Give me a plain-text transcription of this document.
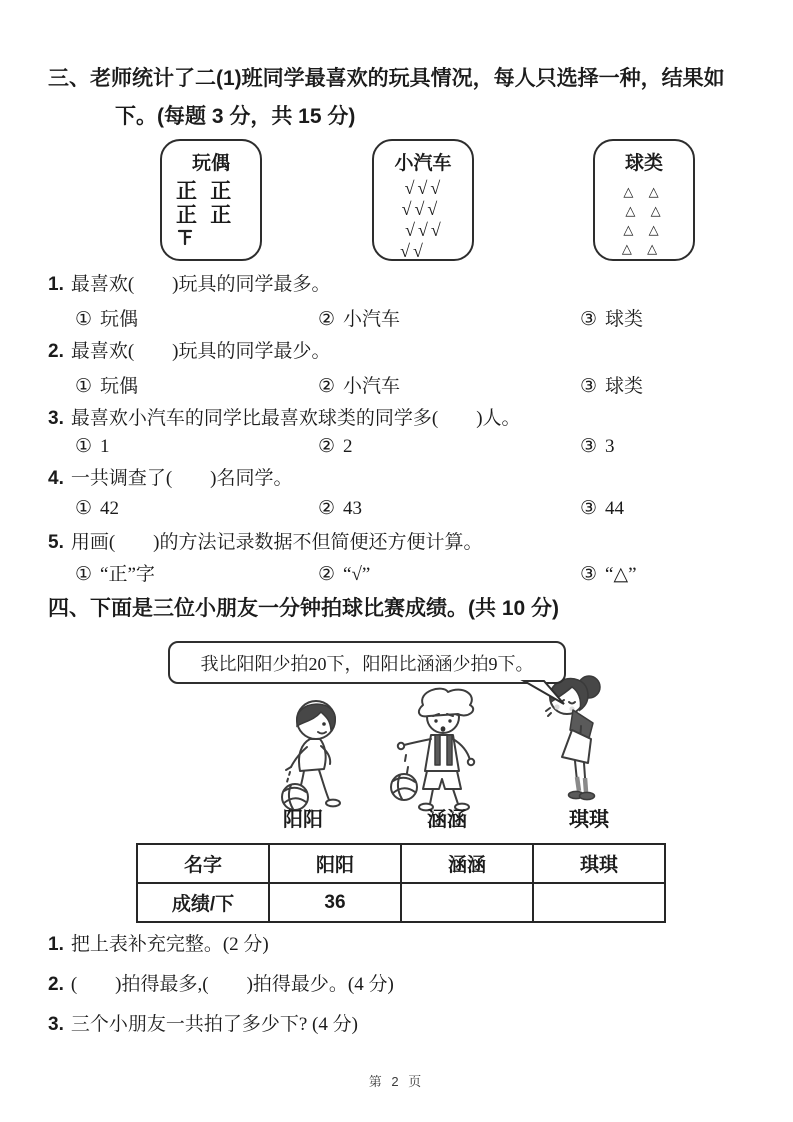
三、老师统计了二(1)班同学最喜欢的玩具情况，每人只选择一种，结果如
下。(每题 3 分，共 15 分)
玩偶
正 正
正 正
小汽车
√√√
√√√
√√√
√√
球类
△ △
△ △
△ △
△ △
1. 最喜欢(　　)玩具的同学最多。
① 玩偶	② 小汽车	③ 球类
2. 最喜欢(　　)玩具的同学最少。
① 玩偶	② 小汽车	③ 球类
3. 最喜欢小汽车的同学比最喜欢球类的同学多(　　)人。
① 1	② 2	③ 3
4. 一共调查了(　　)名同学。
① 42	② 43	③ 44
5. 用画(　　)的方法记录数据不但简便还方便计算。
① “正”字	② “√”	③ “△”
四、下面是三位小朋友一分钟拍球比赛成绩。(共 10 分)
我比阳阳少拍20下，阳阳比涵涵少拍9下。
阳阳	涵涵	琪琪
名字	阳阳	涵涵	琪琪
成绩/下	36		
1. 把上表补充完整。(2 分)
2. (　　)拍得最多,(　　)拍得最少。(4 分)
3. 三个小朋友一共拍了多少下? (4 分)
第 2 页
